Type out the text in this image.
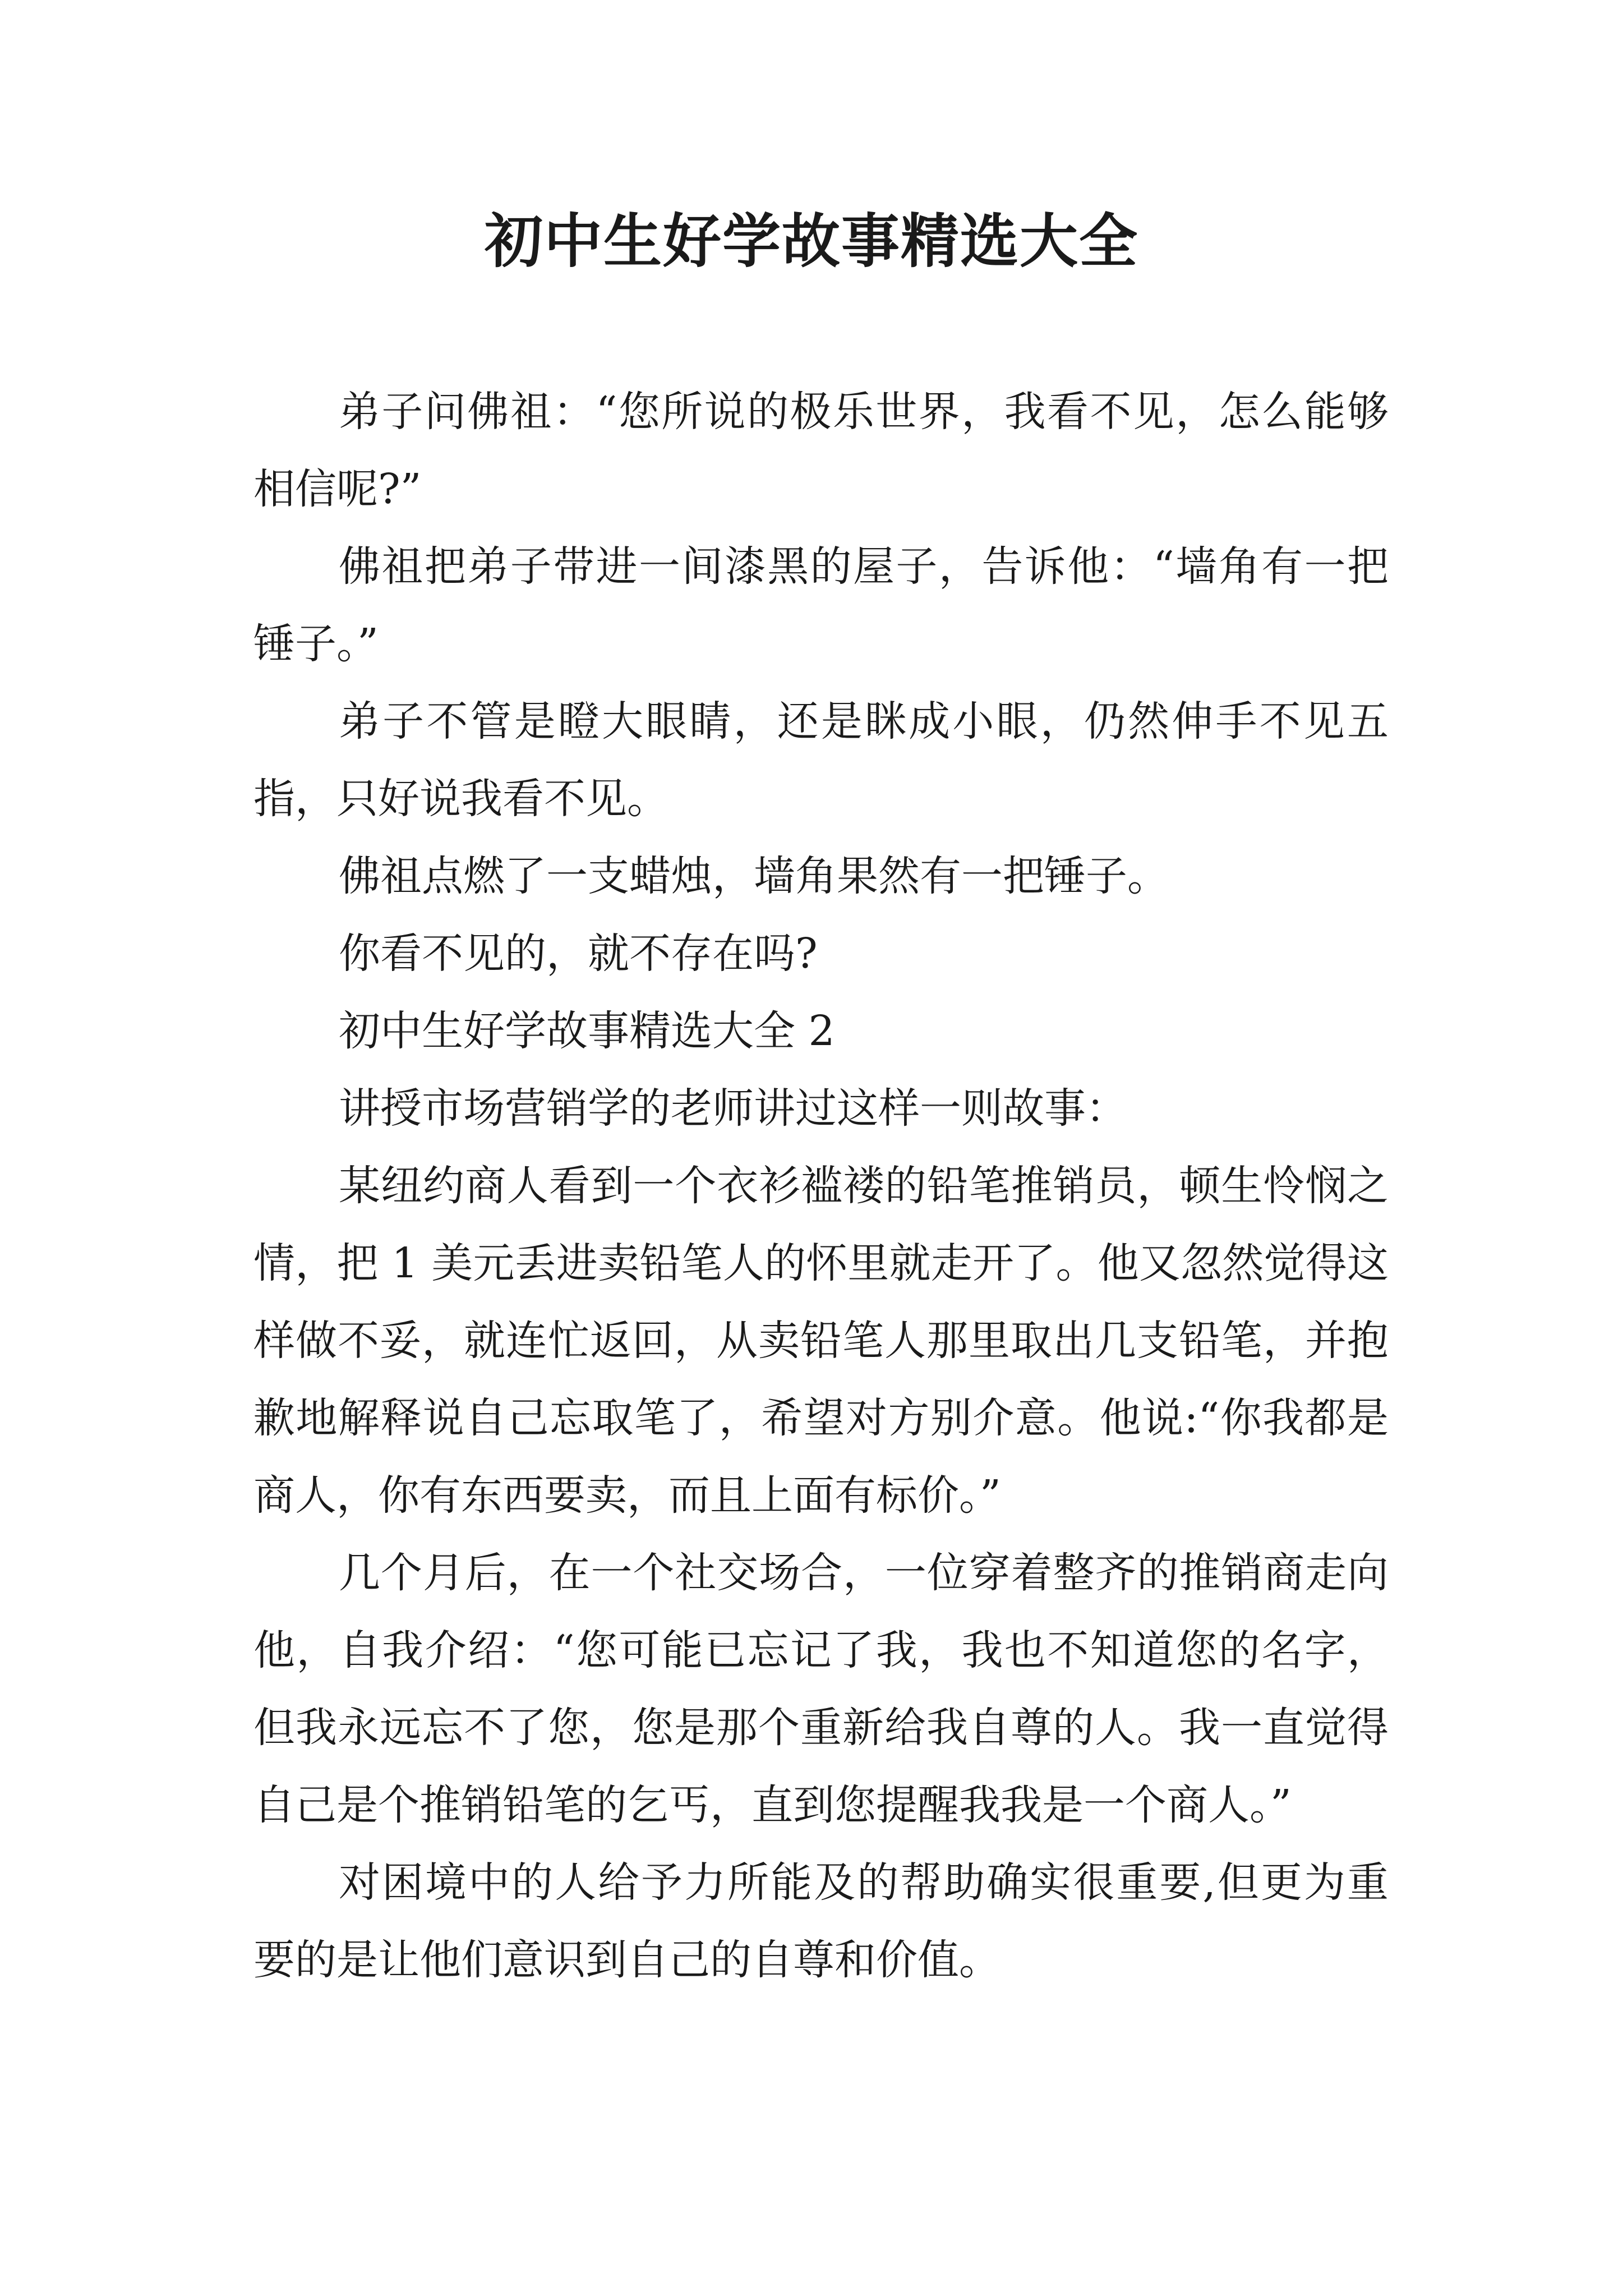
初中生好学故事精选大全

弟子问佛祖：“您所说的极乐世界，我看不见，怎么能够相信呢?”

佛祖把弟子带进一间漆黑的屋子，告诉他：“墙角有一把锤子。”

弟子不管是瞪大眼睛，还是眯成小眼，仍然伸手不见五指，只好说我看不见。

佛祖点燃了一支蜡烛，墙角果然有一把锤子。

你看不见的，就不存在吗?

初中生好学故事精选大全 2

讲授市场营销学的老师讲过这样一则故事：

某纽约商人看到一个衣衫褴褛的铅笔推销员，顿生怜悯之情，把 1 美元丢进卖铅笔人的怀里就走开了。他又忽然觉得这样做不妥，就连忙返回，从卖铅笔人那里取出几支铅笔，并抱歉地解释说自己忘取笔了，希望对方别介意。他说:“你我都是商人，你有东西要卖，而且上面有标价。”

几个月后，在一个社交场合，一位穿着整齐的推销商走向他，自我介绍：“您可能已忘记了我，我也不知道您的名字，但我永远忘不了您，您是那个重新给我自尊的人。我一直觉得自己是个推销铅笔的乞丐，直到您提醒我我是一个商人。”

对困境中的人给予力所能及的帮助确实很重要,但更为重要的是让他们意识到自己的自尊和价值。
